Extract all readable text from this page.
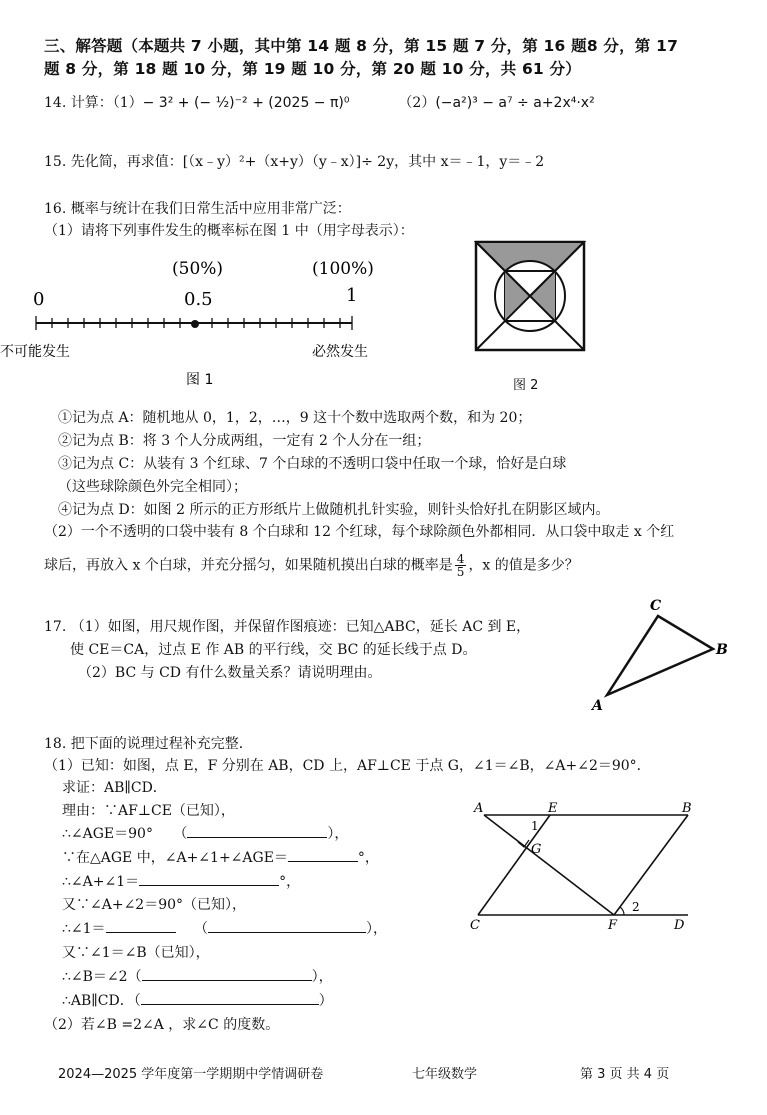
三、解答题（本题共 7 小题，其中第 14 题 8 分，第 15 题 7 分，第 16 题8 分，第 17
题 8 分，第 18 题 10 分，第 19 题 10 分，第 20 题 10 分，共 61 分）
14. 计算：（1）− 3² + (− ½)⁻² + (2025 − π)⁰	（2）(−a²)³ − a⁷ ÷ a+2x⁴·x²
15. 先化简，再求值：[（x﹣y）²+（x+y）（y﹣x）]÷ 2y，其中 x＝﹣1，y＝﹣2
16. 概率与统计在我们日常生活中应用非常广泛：
（1）请将下列事件发生的概率标在图 1 中（用字母表示）：
(50%)	(100%)
0	0.5	1
不可能发生	必然发生
图 1	图 2
①记为点 A：随机地从 0，1，2，…，9 这十个数中选取两个数，和为 20；
②记为点 B：将 3 个人分成两组，一定有 2 个人分在一组；
③记为点 C：从装有 3 个红球、7 个白球的不透明口袋中任取一个球，恰好是白球
（这些球除颜色外完全相同）；
④记为点 D：如图 2 所示的正方形纸片上做随机扎针实验，则针头恰好扎在阴影区域内。
（2）一个不透明的口袋中装有 8 个白球和 12 个红球，每个球除颜色外都相同．从口袋中取走 x 个红
球后，再放入 x 个白球，并充分摇匀，如果随机摸出白球的概率是 $\frac{4}{5}$ ，x 的值是多少？
17. （1）如图，用尺规作图，并保留作图痕迹：已知△ABC，延长 AC 到 E，
使 CE＝CA，过点 E 作 AB 的平行线，交 BC 的延长线于点 D。
（2）BC 与 CD 有什么数量关系？请说明理由。
A
C
B
18. 把下面的说理过程补充完整．
（1）已知：如图，点 E，F 分别在 AB，CD 上，AF⊥CE 于点 G，∠1＝∠B，∠A+∠2＝90°．
求证：AB∥CD．
理由：∵AF⊥CE（已知），
∴∠AGE＝90° （	），
∵在△AGE 中，∠A+∠1+∠AGE＝	°，
∴∠A+∠1＝	°，
又∵∠A+∠2＝90°（已知），
∴∠1＝	（	），
又∵∠1＝∠B（已知），
∴∠B＝∠2（	），
∴AB∥CD．（	）
（2）若∠B =2∠A ，求∠C 的度数。
A	E	B
G
C	F	D
1
2
2024—2025 学年度第一学期期中学情调研卷	七年级数学	第 3 页 共 4 页
